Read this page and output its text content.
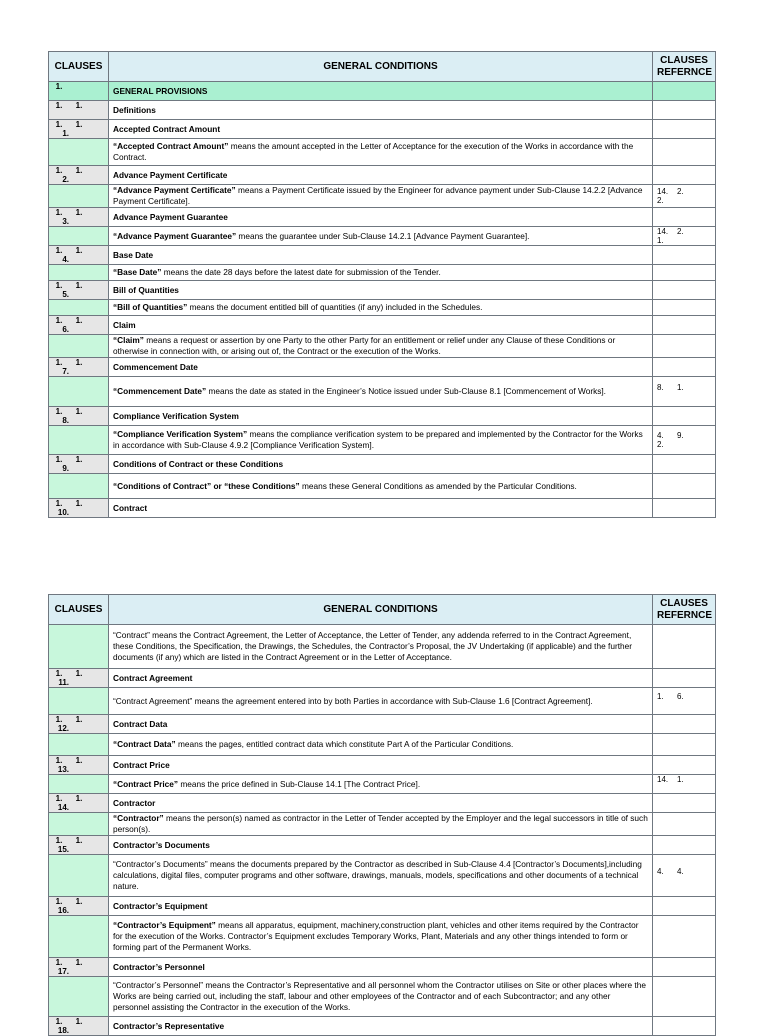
CLAUSES	GENERAL CONDITIONS	CLAUSES
REFERNCE
1.	GENERAL PROVISIONS	
1. 1.	Definitions	
1. 1.1.	Accepted Contract Amount	
	“Accepted Contract Amount” means the amount accepted in the Letter of Acceptance for the execution of the Works in accordance with the Contract.	
1. 1.2.	Advance Payment Certificate	
	“Advance Payment Certificate” means a Payment Certificate issued by the Engineer for advance payment under Sub-Clause 14.2.2 [Advance Payment Certificate].	14. 2.2.
1. 1.3.	Advance Payment Guarantee	
	“Advance Payment Guarantee” means the guarantee under Sub-Clause 14.2.1 [Advance Payment Guarantee].	14. 2.1.
1. 1.4.	Base Date	
	“Base Date” means the date 28 days before the latest date for submission of the Tender.	
1. 1.5.	Bill of Quantities	
	“Bill of Quantities” means the document entitled bill of quantities (if any) included in the Schedules.	
1. 1.6.	Claim	
	“Claim” means a request or assertion by one Party to the other Party for an entitlement or relief under any Clause of these Conditions or otherwise in connection with, or arising out of, the Contract or the execution of the Works.	
1. 1.7.	Commencement Date	
	“Commencement Date” means the date as stated in the Engineer’s Notice issued under Sub-Clause 8.1 [Commencement of Works].	8. 1.
1. 1.8.	Compliance Verification System	
	“Compliance Verification System” means the compliance verification system to be prepared and implemented by the Contractor for the Works in accordance with Sub-Clause 4.9.2 [Compliance Verification System].	4. 9.2.
1. 1.9.	Conditions of Contract or these Conditions	
	“Conditions of Contract” or “these Conditions” means these General Conditions as amended by the Particular Conditions.	
1. 1.10.	Contract	
CLAUSES	GENERAL CONDITIONS	CLAUSES
REFERNCE
	“Contract” means the Contract Agreement, the Letter of Acceptance, the Letter of Tender, any addenda referred to in the Contract Agreement, these Conditions, the Specification, the Drawings, the Schedules, the Contractor’s Proposal, the JV Undertaking (if applicable) and the further documents (if any) which are listed in the Contract Agreement or in the Letter of Acceptance.	
1. 1.11.	Contract Agreement	
	“Contract Agreement” means the agreement entered into by both Parties in accordance with Sub-Clause 1.6 [Contract Agreement].	1. 6.
1. 1.12.	Contract Data	
	“Contract Data” means the pages, entitled contract data which constitute Part A of the Particular Conditions.	
1. 1.13.	Contract Price	
	“Contract Price” means the price defined in Sub-Clause 14.1 [The Contract Price].	14. 1.
1. 1.14.	Contractor	
	“Contractor” means the person(s) named as contractor in the Letter of Tender accepted by the Employer and the legal successors in title of such person(s).	
1. 1.15.	Contractor’s Documents	
	“Contractor’s Documents” means the documents prepared by the Contractor as described in Sub-Clause 4.4 [Contractor’s Documents],including calculations, digital files, computer programs and other software, drawings, manuals, models, specifications and other documents of a technical nature.	4. 4.
1. 1.16.	Contractor’s Equipment	
	“Contractor’s Equipment” means all apparatus, equipment, machinery,construction plant, vehicles and other items required by the Contractor for the execution of the Works. Contractor’s Equipment excludes Temporary Works, Plant, Materials and any other things intended to form or forming part of the Permanent Works.	
1. 1.17.	Contractor’s Personnel	
	“Contractor’s Personnel” means the Contractor’s Representative and all personnel whom the Contractor utilises on Site or other places where the Works are being carried out, including the staff, labour and other employees of the Contractor and of each Subcontractor; and any other personnel assisting the Contractor in the execution of the Works.	
1. 1.18.	Contractor’s Representative	
